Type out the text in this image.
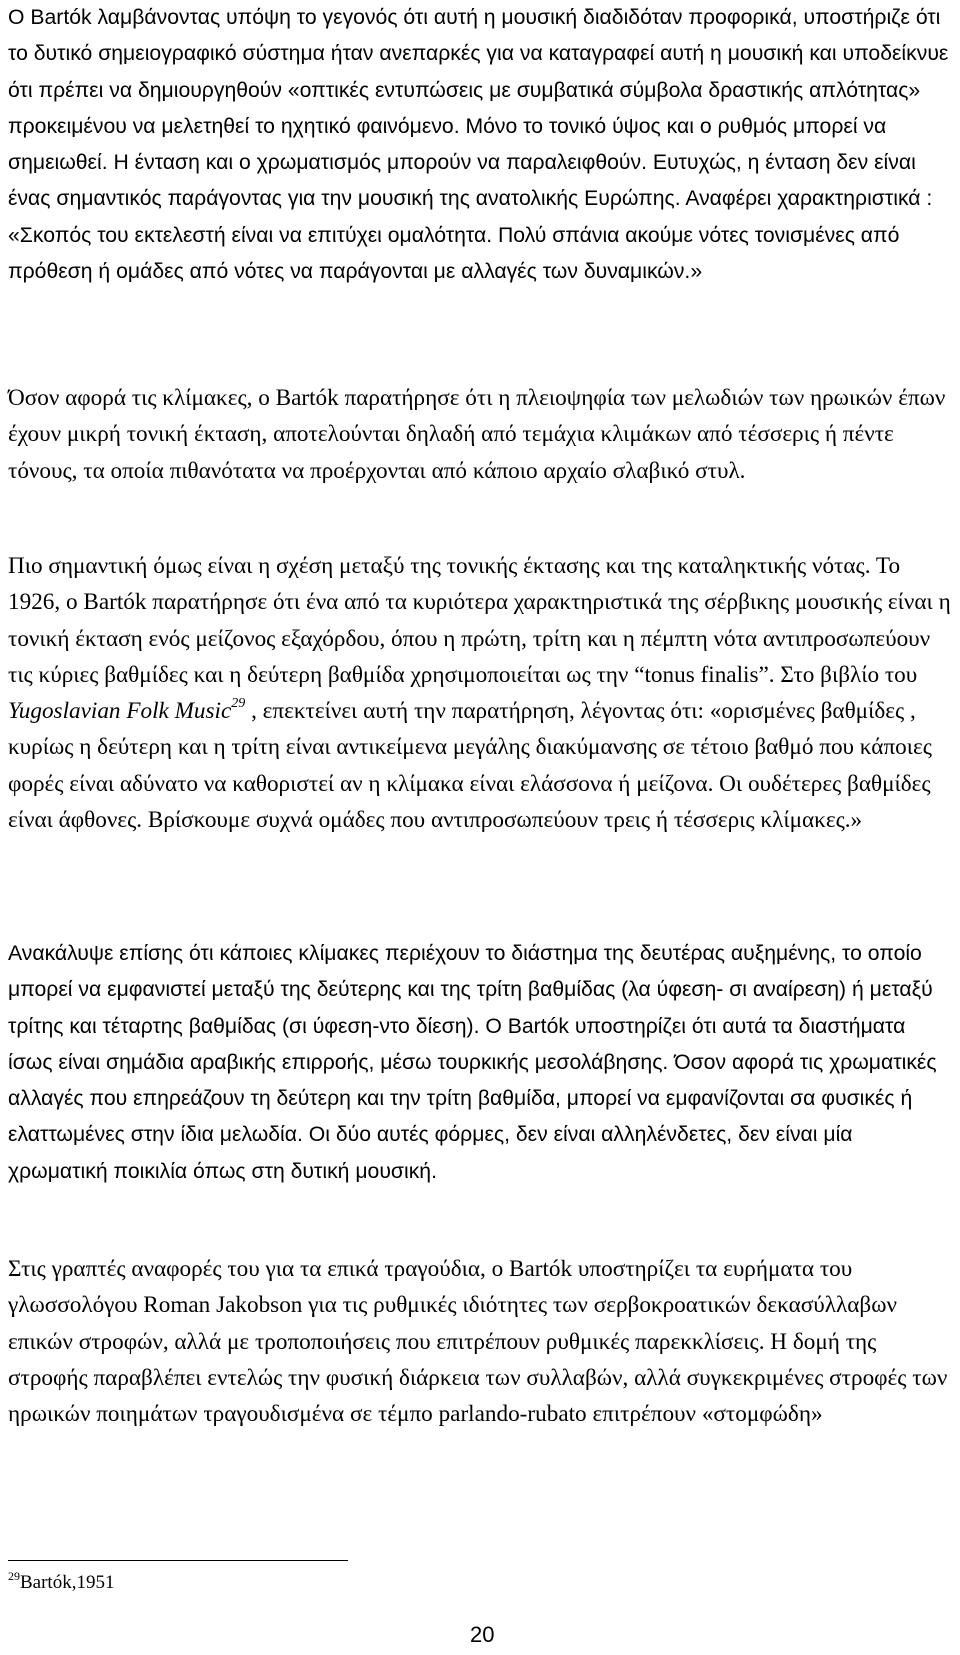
O Bartók λαμβάνοντας υπόψη το γεγονός ότι αυτή η μουσική διαδιδόταν προφορικά, υποστήριζε ότι το δυτικό σημειογραφικό σύστημα ήταν ανεπαρκές για να καταγραφεί αυτή η μουσική και υποδείκνυε ότι πρέπει να δημιουργηθούν «οπτικές εντυπώσεις με συμβατικά σύμβολα δραστικής απλότητας» προκειμένου να μελετηθεί το ηχητικό φαινόμενο. Μόνο το τονικό ύψος και ο ρυθμός μπορεί να σημειωθεί. Η ένταση και ο χρωματισμός μπορούν να παραλειφθούν. Ευτυχώς, η ένταση δεν είναι ένας σημαντικός παράγοντας για την μουσική της ανατολικής Ευρώπης. Αναφέρει χαρακτηριστικά : «Σκοπός του εκτελεστή είναι να επιτύχει ομαλότητα. Πολύ σπάνια ακούμε νότες τονισμένες από πρόθεση ή ομάδες από νότες να παράγονται με αλλαγές των δυναμικών.»

Όσον αφορά τις κλίμακες, ο Bartók παρατήρησε ότι η πλειοψηφία των μελωδιών των ηρωικών έπων έχουν μικρή τονική έκταση, αποτελούνται δηλαδή από τεμάχια κλιμάκων από τέσσερις ή πέντε τόνους, τα οποία πιθανότατα να προέρχονται από κάποιο αρχαίο σλαβικό στυλ.

Πιο σημαντική όμως είναι η σχέση μεταξύ της τονικής έκτασης και της καταληκτικής νότας. Το 1926, ο Bartók παρατήρησε ότι ένα από τα κυριότερα χαρακτηριστικά της σέρβικης μουσικής είναι η τονική έκταση ενός μείζονος εξαχόρδου, όπου η πρώτη, τρίτη και η πέμπτη νότα αντιπροσωπεύουν τις κύριες βαθμίδες και η δεύτερη βαθμίδα χρησιμοποιείται ως την “tonus finalis”. Στο βιβλίο του Yugoslavian Folk Music$^{29}$ , επεκτείνει αυτή την παρατήρηση, λέγοντας ότι: «ορισμένες βαθμίδες , κυρίως η δεύτερη και η τρίτη είναι αντικείμενα μεγάλης διακύμανσης σε τέτοιο βαθμό που κάποιες φορές είναι αδύνατο να καθοριστεί αν η κλίμακα είναι ελάσσονα ή μείζονα. Οι ουδέτερες βαθμίδες είναι άφθονες. Βρίσκουμε συχνά ομάδες που αντιπροσωπεύουν τρεις ή τέσσερις κλίμακες.»

Ανακάλυψε επίσης ότι κάποιες κλίμακες περιέχουν το διάστημα της δευτέρας αυξημένης, το οποίο μπορεί να εμφανιστεί μεταξύ της δεύτερης και της τρίτη βαθμίδας (λα ύφεση- σι αναίρεση) ή μεταξύ τρίτης και τέταρτης βαθμίδας (σι ύφεση-ντο δίεση). Ο Bartók υποστηρίζει ότι αυτά τα διαστήματα ίσως είναι σημάδια αραβικής επιρροής, μέσω τουρκικής μεσολάβησης. Όσον αφορά τις χρωματικές αλλαγές που επηρεάζουν τη δεύτερη και την τρίτη βαθμίδα, μπορεί να εμφανίζονται σα φυσικές ή ελαττωμένες στην ίδια μελωδία. Οι δύο αυτές φόρμες, δεν είναι αλληλένδετες, δεν είναι μία χρωματική ποικιλία όπως στη δυτική μουσική.

Στις γραπτές αναφορές του για τα επικά τραγούδια, ο Bartók υποστηρίζει τα ευρήματα του γλωσσολόγου Roman Jakobson για τις ρυθμικές ιδιότητες των σερβοκροατικών δεκασύλλαβων επικών στροφών, αλλά με τροποποιήσεις που επιτρέπουν ρυθμικές παρεκκλίσεις. Η δομή της στροφής παραβλέπει εντελώς την φυσική διάρκεια των συλλαβών, αλλά συγκεκριμένες στροφές των ηρωικών ποιημάτων τραγουδισμένα σε τέμπο parlando-rubato επιτρέπουν «στομφώδη»

$^{29}$Bartók,1951
20
